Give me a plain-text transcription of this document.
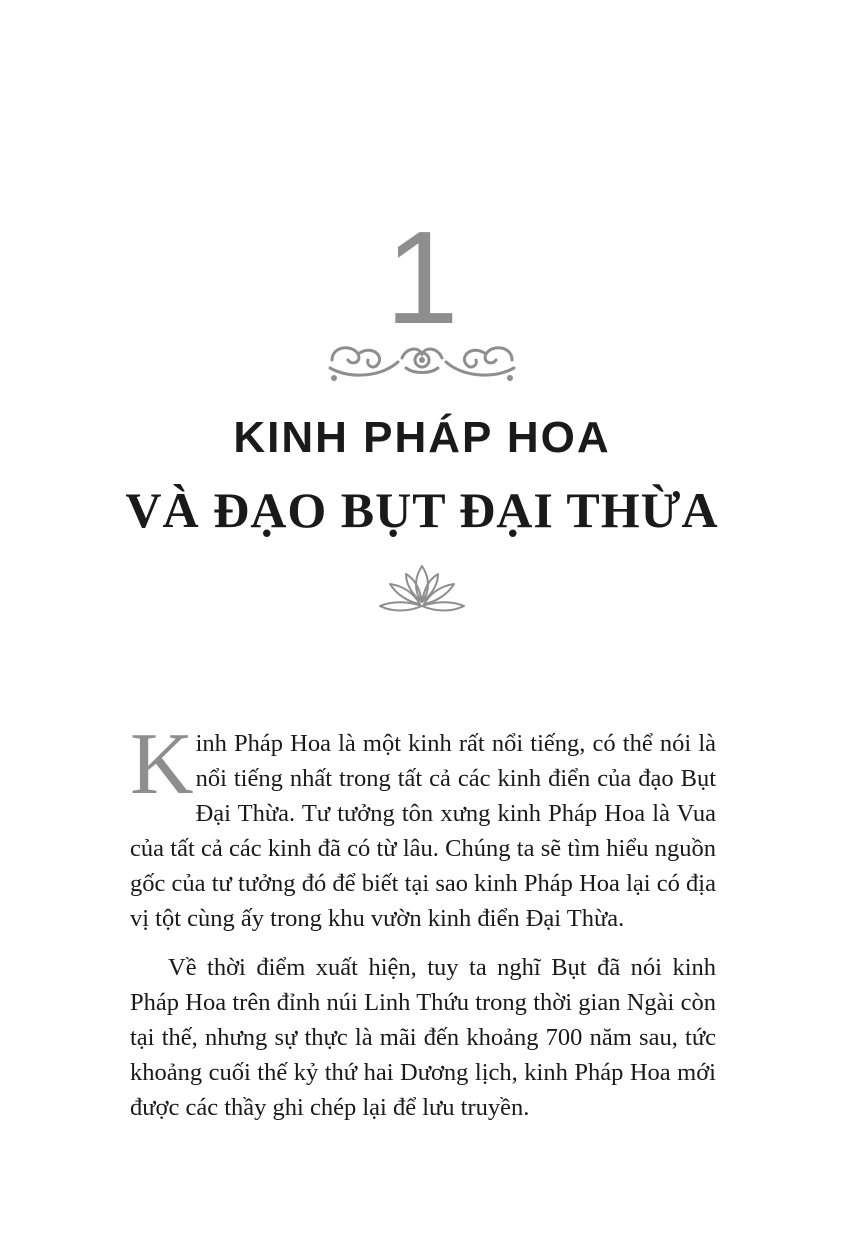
1
KINH PHÁP HOA
VÀ ĐẠO BỤT ĐẠI THỪA

Kinh Pháp Hoa là một kinh rất nổi tiếng, có thể nói là nổi tiếng nhất trong tất cả các kinh điển của đạo Bụt Đại Thừa. Tư tưởng tôn xưng kinh Pháp Hoa là Vua của tất cả các kinh đã có từ lâu. Chúng ta sẽ tìm hiểu nguồn gốc của tư tưởng đó để biết tại sao kinh Pháp Hoa lại có địa vị tột cùng ấy trong khu vườn kinh điển Đại Thừa.

Về thời điểm xuất hiện, tuy ta nghĩ Bụt đã nói kinh Pháp Hoa trên đỉnh núi Linh Thứu trong thời gian Ngài còn tại thế, nhưng sự thực là mãi đến khoảng 700 năm sau, tức khoảng cuối thế kỷ thứ hai Dương lịch, kinh Pháp Hoa mới được các thầy ghi chép lại để lưu truyền.
